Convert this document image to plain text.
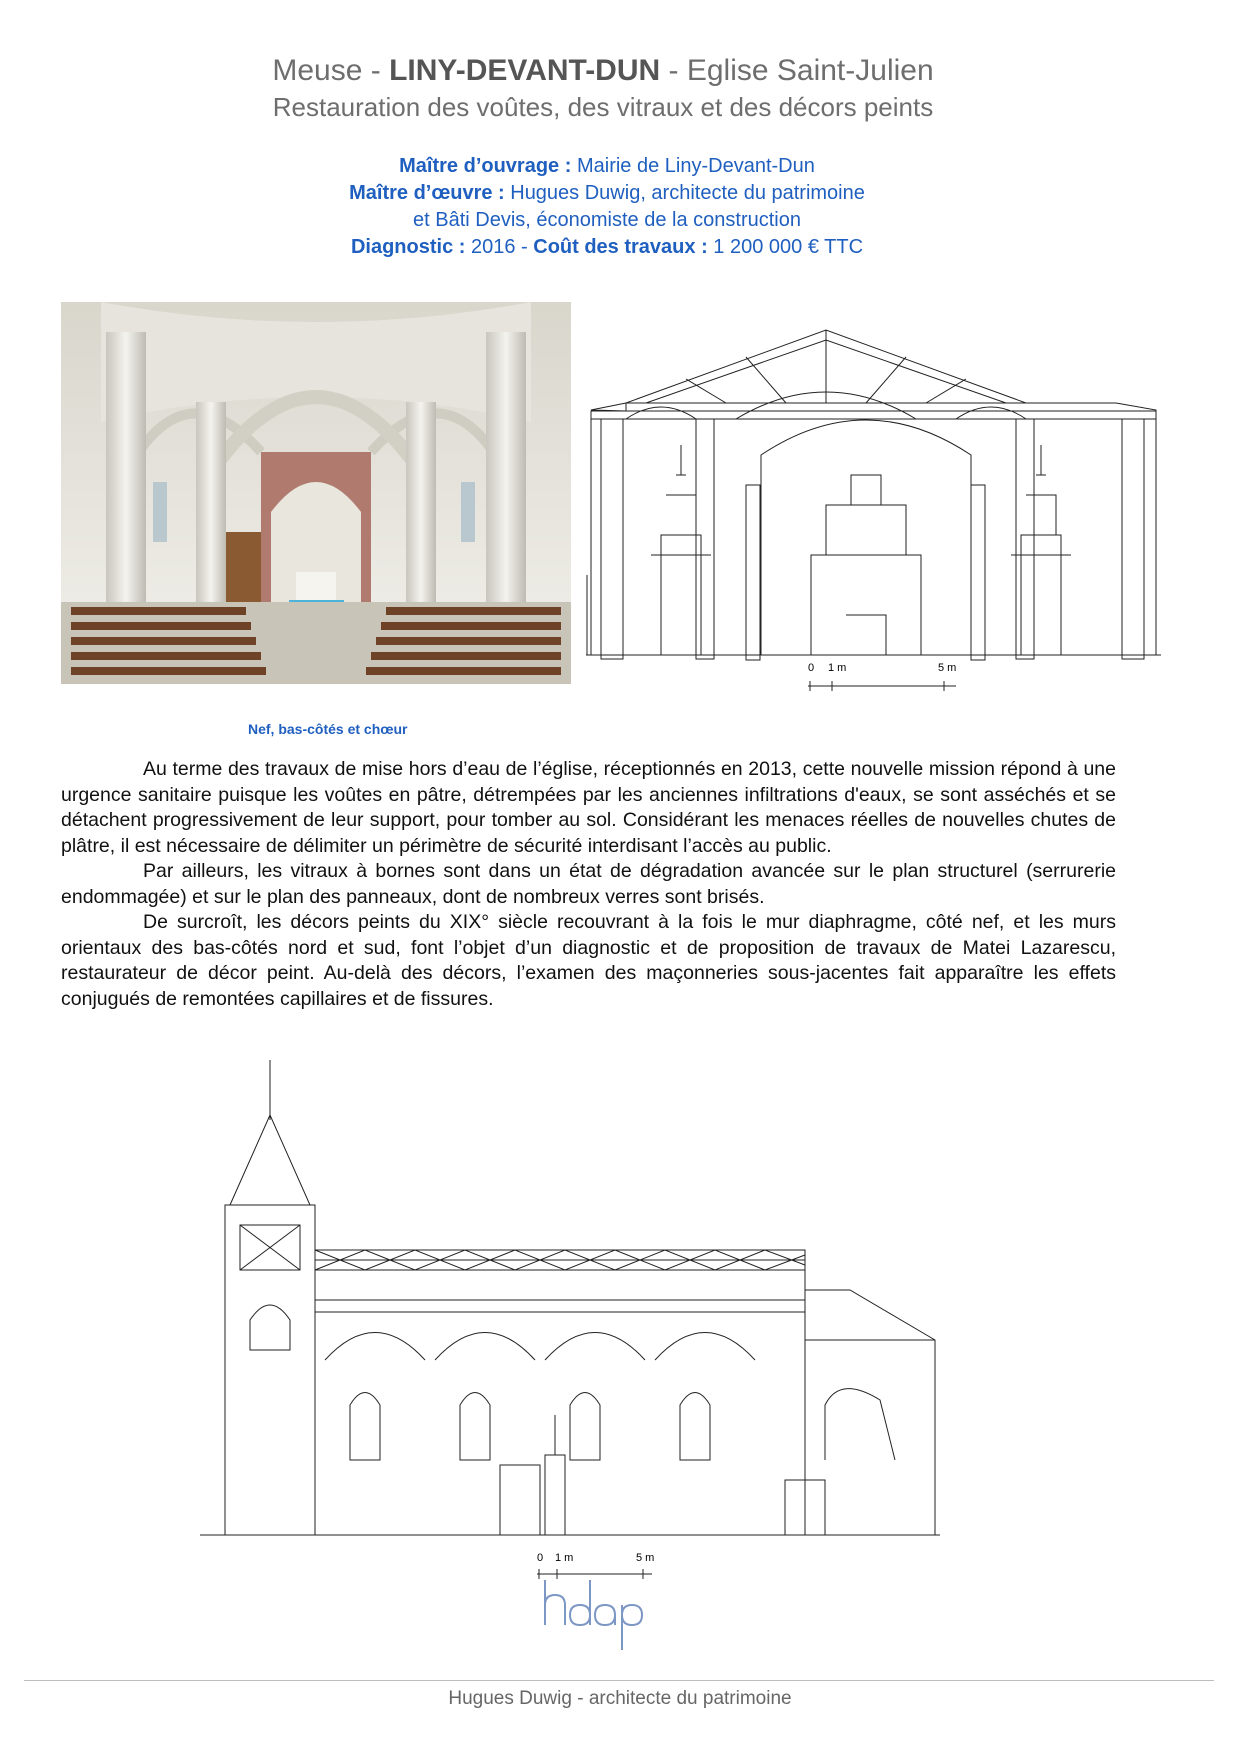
Meuse - LINY-DEVANT-DUN - Eglise Saint-Julien
Restauration des voûtes, des vitraux et des décors peints
Maître d’ouvrage : Mairie de Liny-Devant-Dun
Maître d’œuvre : Hugues Duwig, architecte du patrimoine
et Bâti Devis, économiste de la construction
Diagnostic : 2016 - Coût des travaux : 1 200 000 € TTC
Nef, bas-côtés et chœur
0 1 m	5 m

Au terme des travaux de mise hors d’eau de l’église, réceptionnés en 2013, cette nouvelle mission répond à une urgence sanitaire puisque les voûtes en pâtre, détrempées par les anciennes infiltrations d'eaux, se sont asséchés et se détachent progressivement de leur support, pour tomber au sol. Considérant les menaces réelles de nouvelles chutes de plâtre, il est nécessaire de délimiter un périmètre de sécurité interdisant l’accès au public.

Par ailleurs, les vitraux à bornes sont dans un état de dégradation avancée sur le plan structurel (serrurerie endommagée) et sur le plan des panneaux, dont de nombreux verres sont brisés.

De surcroît, les décors peints du XIX° siècle recouvrant à la fois le mur diaphragme, côté nef, et les murs orientaux des bas-côtés nord et sud, font l’objet d’un diagnostic et de proposition de travaux de Matei Lazarescu, restaurateur de décor peint. Au-delà des décors, l’examen des maçonneries sous-jacentes fait apparaître les effets conjugués de remontées capillaires et de fissures.

0 1 m	5 m
Hugues Duwig - architecte du patrimoine
